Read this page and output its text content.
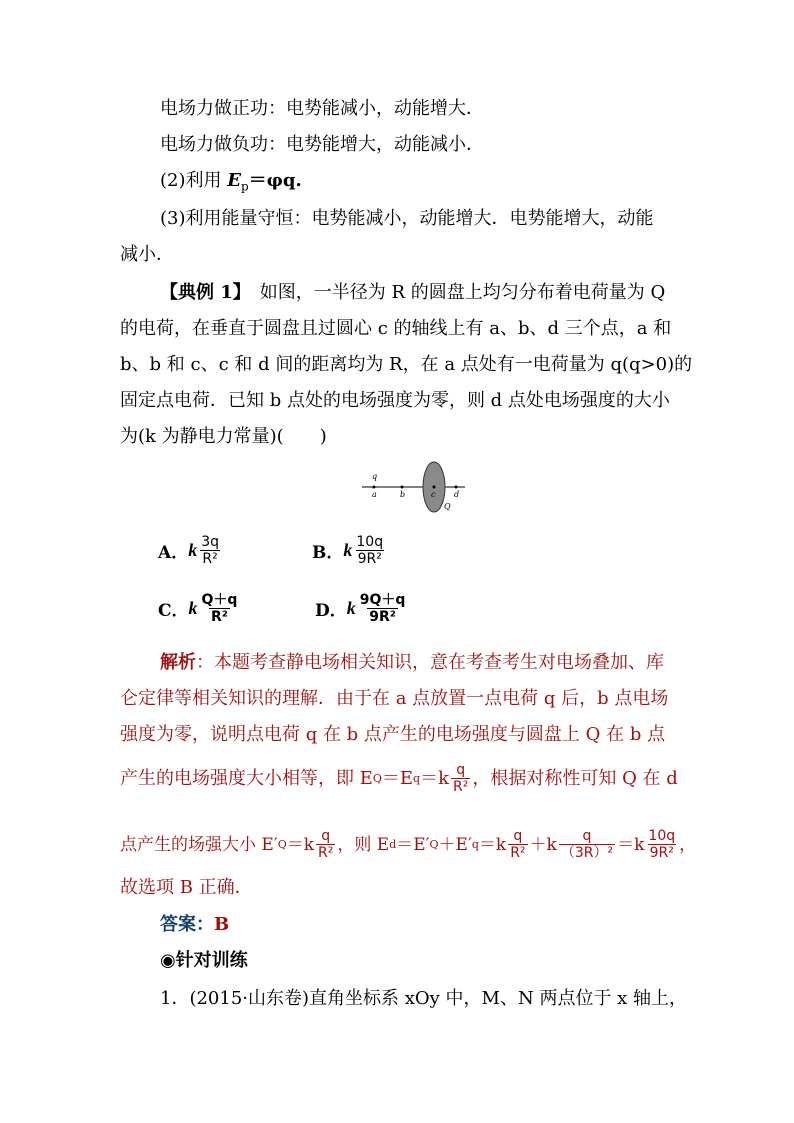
电场力做正功：电势能减小，动能增大．
电场力做负功：电势能增大，动能减小．
(2)利用 $E_p=\varphi q$.
(3)利用能量守恒：电势能减小，动能增大．电势能增大，动能
减小．
【典例 1】　如图，一半径为 R 的圆盘上均匀分布着电荷量为 Q
的电荷，在垂直于圆盘且过圆心 c 的轴线上有 a、b、d 三个点，a 和
b、b 和 c、c 和 d 间的距离均为 R，在 a 点处有一电荷量为 q(q>0)的
固定点电荷．已知 b 点处的电场强度为零，则 d 点处电场强度的大小
为(k 为静电力常量)(　　)
q
a	b	c d
Q
A． k $\frac{3q}{\text{R²}}$	B． k $\frac{10q}{\text{9R²}}$
C． k $\frac{Q+q}{\text{R²}}$	D． k $\frac{9Q+q}{\text{9R²}}$
解析：本题考查静电场相关知识，意在考查考生对电场叠加、库
仑定律等相关知识的理解．由于在 a 点放置一点电荷 q 后，b 点电场
强度为零，说明点电荷 q 在 b 点产生的电场强度与圆盘上 Q 在 b 点
产生的电场强度大小相等，即 E Q ＝E $q =k \frac{q}{\text{R²}}$ ，根据对称性可知 Q 在 d
点产生的场强大小 E′ $Q =k \frac{q}{\text{R²}}$ ，则 E d ＝E′ Q ＋E′ $q =k \frac{q}{\text{R²}} +k \frac{q}{\text{（3R）²}} =k \frac{10q}{\text{9R²}}$ ，
故选项 B 正确．
答案：B
◉针对训练
1．(2015·山东卷)直角坐标系 xOy 中，M、N 两点位于 x 轴上，
